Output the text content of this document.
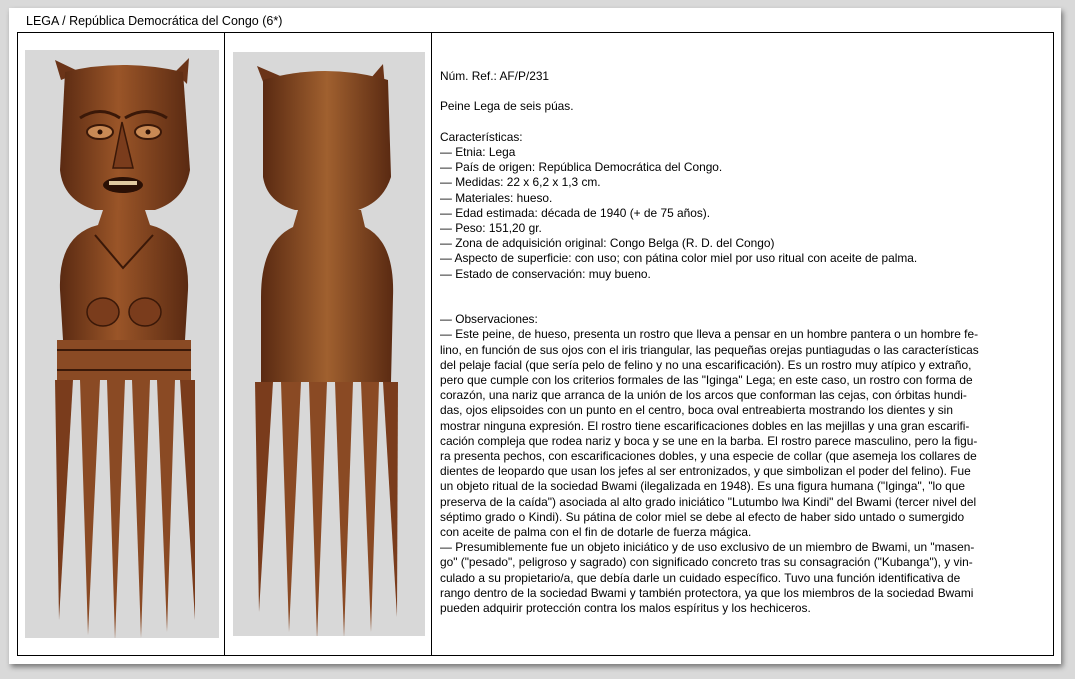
LEGA / República Democrática del Congo (6*)

Núm. Ref.: AF/P/231

Peine Lega de seis púas.

Características:

— Etnia: Lega

— País de origen: República Democrática del Congo.

— Medidas: 22 x 6,2 x 1,3 cm.

— Materiales: hueso.

— Edad estimada: década de 1940 (+ de 75 años).

— Peso: 151,20 gr.

— Zona de adquisición original: Congo Belga (R. D. del Congo)

— Aspecto de superficie: con uso; con pátina color miel por uso ritual con aceite de palma.

— Estado de conservación: muy bueno.

— Observaciones:

— Este peine, de hueso, presenta un rostro que lleva a pensar en un hombre pantera o un hombre fe-

lino, en función de sus ojos con el iris triangular, las pequeñas orejas puntiagudas o las características

del pelaje facial (que sería pelo de felino y no una escarificación). Es un rostro muy atípico y extraño,

pero que cumple con los criterios formales de las "Iginga" Lega; en este caso, un rostro con forma de

corazón, una nariz que arranca de la unión de los arcos que conforman las cejas, con órbitas hundi-

das, ojos elipsoides con un punto en el centro, boca oval entreabierta mostrando los dientes y sin

mostrar ninguna expresión. El rostro tiene escarificaciones dobles en las mejillas y una gran escarifi-

cación compleja que rodea nariz y boca y se une en la barba. El rostro parece masculino, pero la figu-

ra presenta pechos, con escarificaciones dobles, y una especie de collar (que asemeja los collares de

dientes de leopardo que usan los jefes al ser entronizados, y que simbolizan el poder del felino). Fue

un objeto ritual de la sociedad Bwami (ilegalizada en 1948). Es una figura humana ("Iginga", "lo que

preserva de la caída") asociada al alto grado iniciático "Lutumbo lwa Kindi" del Bwami (tercer nivel del

séptimo grado o Kindi). Su pátina de color miel se debe al efecto de haber sido untado o sumergido

con aceite de palma con el fin de dotarle de fuerza mágica.

— Presumiblemente fue un objeto iniciático y de uso exclusivo de un miembro de Bwami, un "masen-

go" ("pesado", peligroso y sagrado) con significado concreto tras su consagración ("Kubanga"), y vin-

culado a su propietario/a, que debía darle un cuidado específico. Tuvo una función identificativa de

rango dentro de la sociedad Bwami y también protectora, ya que los miembros de la sociedad Bwami

pueden adquirir protección contra los malos espíritus y los hechiceros.
